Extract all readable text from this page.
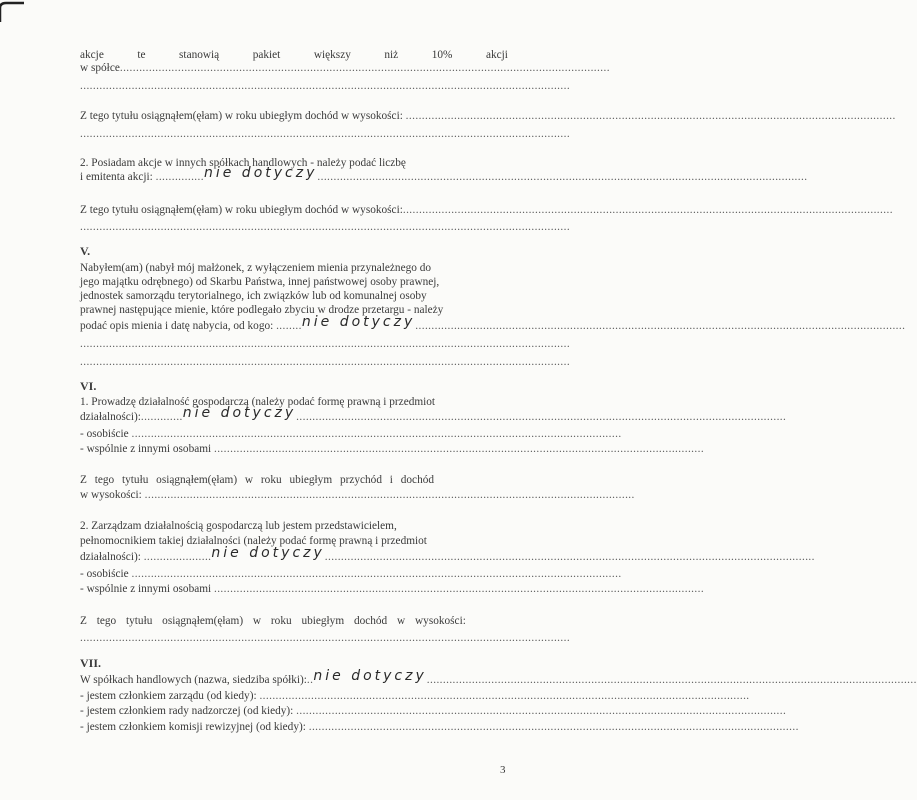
akcje	te	stanowią	pakiet	większy	niż	10%	akcji
w spółce........................................................................................................................................................
........................................................................................................................................................
Z tego tytułu osiągnąłem(ęłam) w roku ubiegłym dochód w wysokości: ........................................................................................................................................................
........................................................................................................................................................
2. Posiadam akcje w innych spółkach handlowych - należy podać liczbę
i emitenta akcji: ...............nie dotyczy........................................................................................................................................................
Z tego tytułu osiągnąłem(ęłam) w roku ubiegłym dochód w wysokości:........................................................................................................................................................
........................................................................................................................................................
V.
Nabyłem(am) (nabył mój małżonek, z wyłączeniem mienia przynależnego do
jego majątku odrębnego) od Skarbu Państwa, innej państwowej osoby prawnej,
jednostek samorządu terytorialnego, ich związków lub od komunalnej osoby
prawnej następujące mienie, które podlegało zbyciu w drodze przetargu - należy
podać opis mienia i datę nabycia, od kogo: ........nie dotyczy........................................................................................................................................................
........................................................................................................................................................
........................................................................................................................................................
VI.
1. Prowadzę działalność gospodarczą (należy podać formę prawną i przedmiot
działalności):.............nie dotyczy........................................................................................................................................................
- osobiście ........................................................................................................................................................
- wspólnie z innymi osobami ........................................................................................................................................................
Z tego tytułu osiągnąłem(ęłam) w roku ubiegłym przychód i dochód
w wysokości: ........................................................................................................................................................
2. Zarządzam działalnością gospodarczą lub jestem przedstawicielem,
pełnomocnikiem takiej działalności (należy podać formę prawną i przedmiot
działalności): .....................nie dotyczy........................................................................................................................................................
- osobiście ........................................................................................................................................................
- wspólnie z innymi osobami ........................................................................................................................................................
Z tego tytułu osiągnąłem(ęłam) w roku ubiegłym dochód w wysokości:
........................................................................................................................................................
VII.
W spółkach handlowych (nazwa, siedziba spółki):..nie dotyczy........................................................................................................................................................
- jestem członkiem zarządu (od kiedy): ........................................................................................................................................................
- jestem członkiem rady nadzorczej (od kiedy): ........................................................................................................................................................
- jestem członkiem komisji rewizyjnej (od kiedy): ........................................................................................................................................................
3
